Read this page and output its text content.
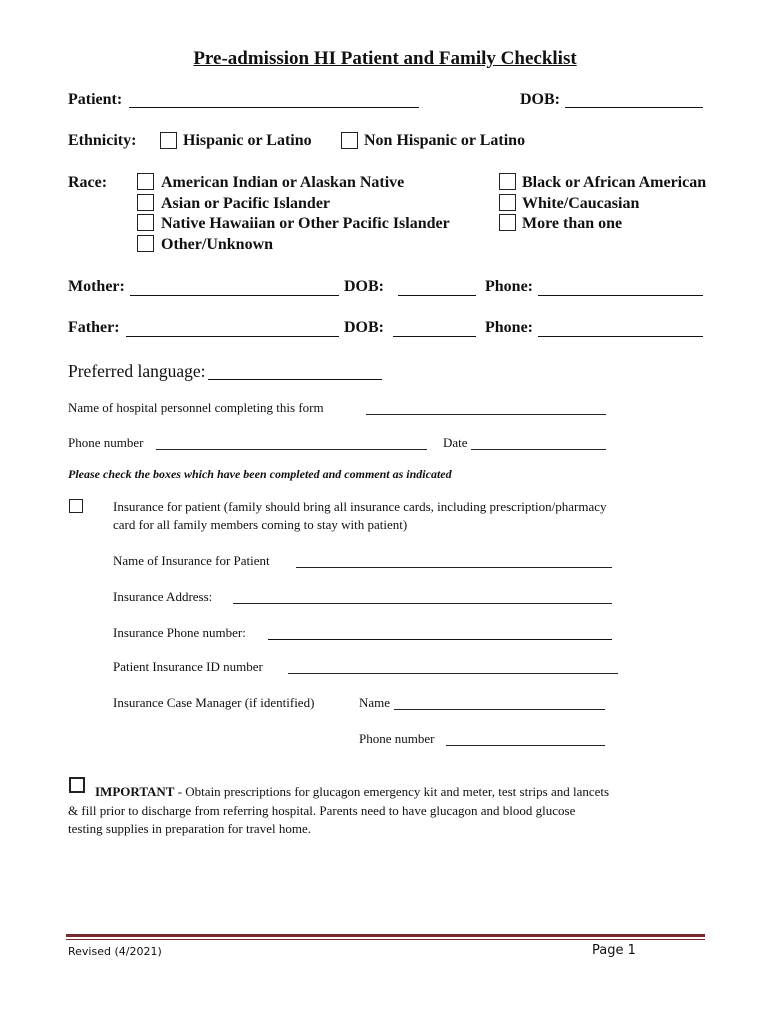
Pre-admission HI Patient and Family Checklist
Patient:	DOB:
Ethnicity:	Hispanic or Latino	Non Hispanic or Latino
Race:	American Indian or Alaskan Native
Asian or Pacific Islander
Native Hawaiian or Other Pacific Islander
Other/Unknown
Black or African American
White/Caucasian
More than one
Mother:	DOB:	Phone:
Father:	DOB:	Phone:
Preferred language:
Name of hospital personnel completing this form
Phone number	Date
Please check the boxes which have been completed and comment as indicated
Insurance for patient (family should bring all insurance cards, including prescription/pharmacy
card for all family members coming to stay with patient)
Name of Insurance for Patient
Insurance Address:
Insurance Phone number:
Patient Insurance ID number
Insurance Case Manager (if identified)	Name
Phone number
IMPORTANT - Obtain prescriptions for glucagon emergency kit and meter, test strips and lancets
& fill prior to discharge from referring hospital. Parents need to have glucagon and blood glucose
testing supplies in preparation for travel home.
Revised (4/2021)	Page 1
